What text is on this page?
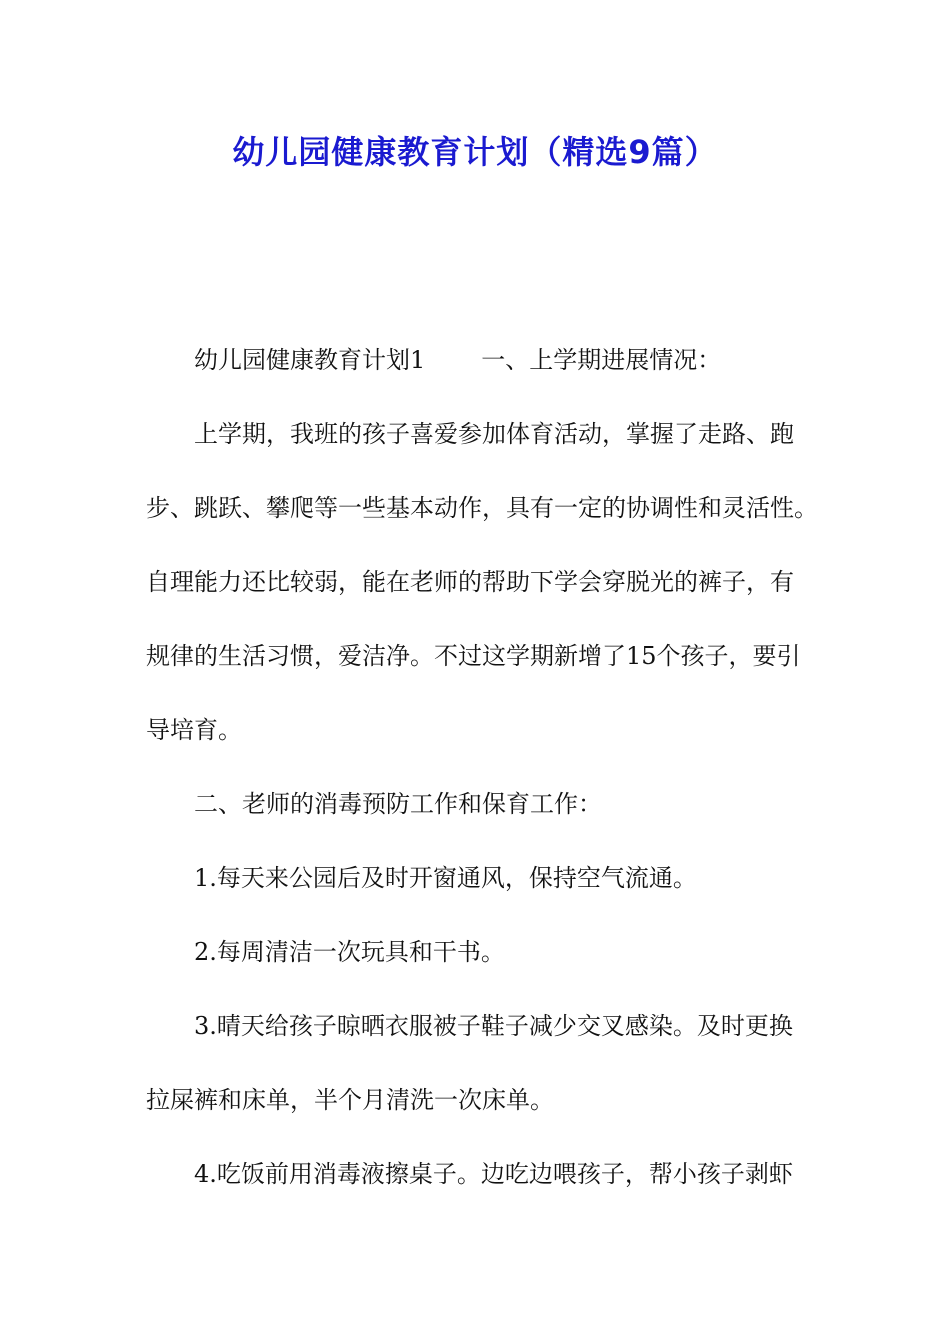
幼儿园健康教育计划（精选9篇）
幼儿园健康教育计划1 一、上学期进展情况：
上学期，我班的孩子喜爱参加体育活动，掌握了走路、跑
步、跳跃、攀爬等一些基本动作，具有一定的协调性和灵活性。
自理能力还比较弱，能在老师的帮助下学会穿脱光的裤子，有
规律的生活习惯，爱洁净。不过这学期新增了15个孩子，要引
导培育。
二、老师的消毒预防工作和保育工作：
1.每天来公园后及时开窗通风，保持空气流通。
2.每周清洁一次玩具和干书。
3.晴天给孩子晾晒衣服被子鞋子减少交叉感染。及时更换
拉屎裤和床单，半个月清洗一次床单。
4.吃饭前用消毒液擦桌子。边吃边喂孩子，帮小孩子剥虾
